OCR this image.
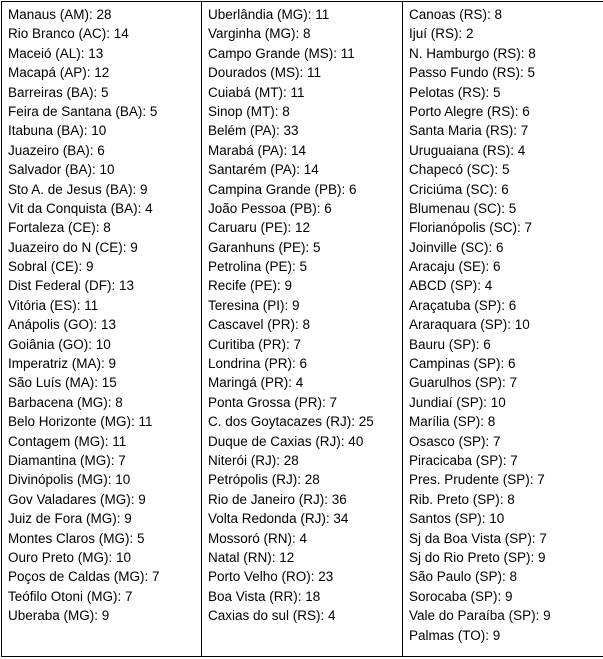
Manaus (AM): 28
Rio Branco (AC): 14
Maceió (AL): 13
Macapá (AP): 12
Barreiras (BA): 5
Feira de Santana (BA): 5
Itabuna (BA): 10
Juazeiro (BA): 6
Salvador (BA): 10
Sto A. de Jesus (BA): 9
Vit da Conquista (BA): 4
Fortaleza (CE): 8
Juazeiro do N (CE): 9
Sobral (CE): 9
Dist Federal (DF): 13
Vitória (ES): 11
Anápolis (GO): 13
Goiânia (GO): 10
Imperatriz (MA): 9
São Luís (MA): 15
Barbacena (MG): 8
Belo Horizonte (MG): 11
Contagem (MG): 11
Diamantina (MG): 7
Divinópolis (MG): 10
Gov Valadares (MG): 9
Juiz de Fora (MG): 9
Montes Claros (MG): 5
Ouro Preto (MG): 10
Poços de Caldas (MG): 7
Teófilo Otoni (MG): 7
Uberaba (MG): 9

Uberlândia (MG): 11
Varginha (MG): 8
Campo Grande (MS): 11
Dourados (MS): 11
Cuiabá (MT): 11
Sinop (MT): 8
Belém (PA): 33
Marabá (PA): 14
Santarém (PA): 14
Campina Grande (PB): 6
João Pessoa (PB): 6
Caruaru (PE): 12
Garanhuns (PE): 5
Petrolina (PE): 5
Recife (PE): 9
Teresina (PI): 9
Cascavel (PR): 8
Curitiba (PR): 7
Londrina (PR): 6
Maringá (PR): 4
Ponta Grossa (PR): 7
C. dos Goytacazes (RJ): 25
Duque de Caxias (RJ): 40
Niterói (RJ): 28
Petrópolis (RJ): 28
Rio de Janeiro (RJ): 36
Volta Redonda (RJ): 34
Mossoró (RN): 4
Natal (RN): 12
Porto Velho (RO): 23
Boa Vista (RR): 18
Caxias do sul (RS): 4

Canoas (RS): 8
Ijuí (RS): 2
N. Hamburgo (RS): 8
Passo Fundo (RS): 5
Pelotas (RS): 5
Porto Alegre (RS): 6
Santa Maria (RS): 7
Uruguaiana (RS): 4
Chapecó (SC): 5
Criciúma (SC): 6
Blumenau (SC): 5
Florianópolis (SC): 7
Joinville (SC): 6
Aracaju (SE): 6
ABCD (SP): 4
Araçatuba (SP): 6
Araraquara (SP): 10
Bauru (SP): 6
Campinas (SP): 6
Guarulhos (SP): 7
Jundiaí (SP): 10
Marília (SP): 8
Osasco (SP): 7
Piracicaba (SP): 7
Pres. Prudente (SP): 7
Rib. Preto (SP): 8
Santos (SP): 10
Sj da Boa Vista (SP): 7
Sj do Rio Preto (SP): 9
São Paulo (SP): 8
Sorocaba (SP): 9
Vale do Paraíba (SP): 9
Palmas (TO): 9
